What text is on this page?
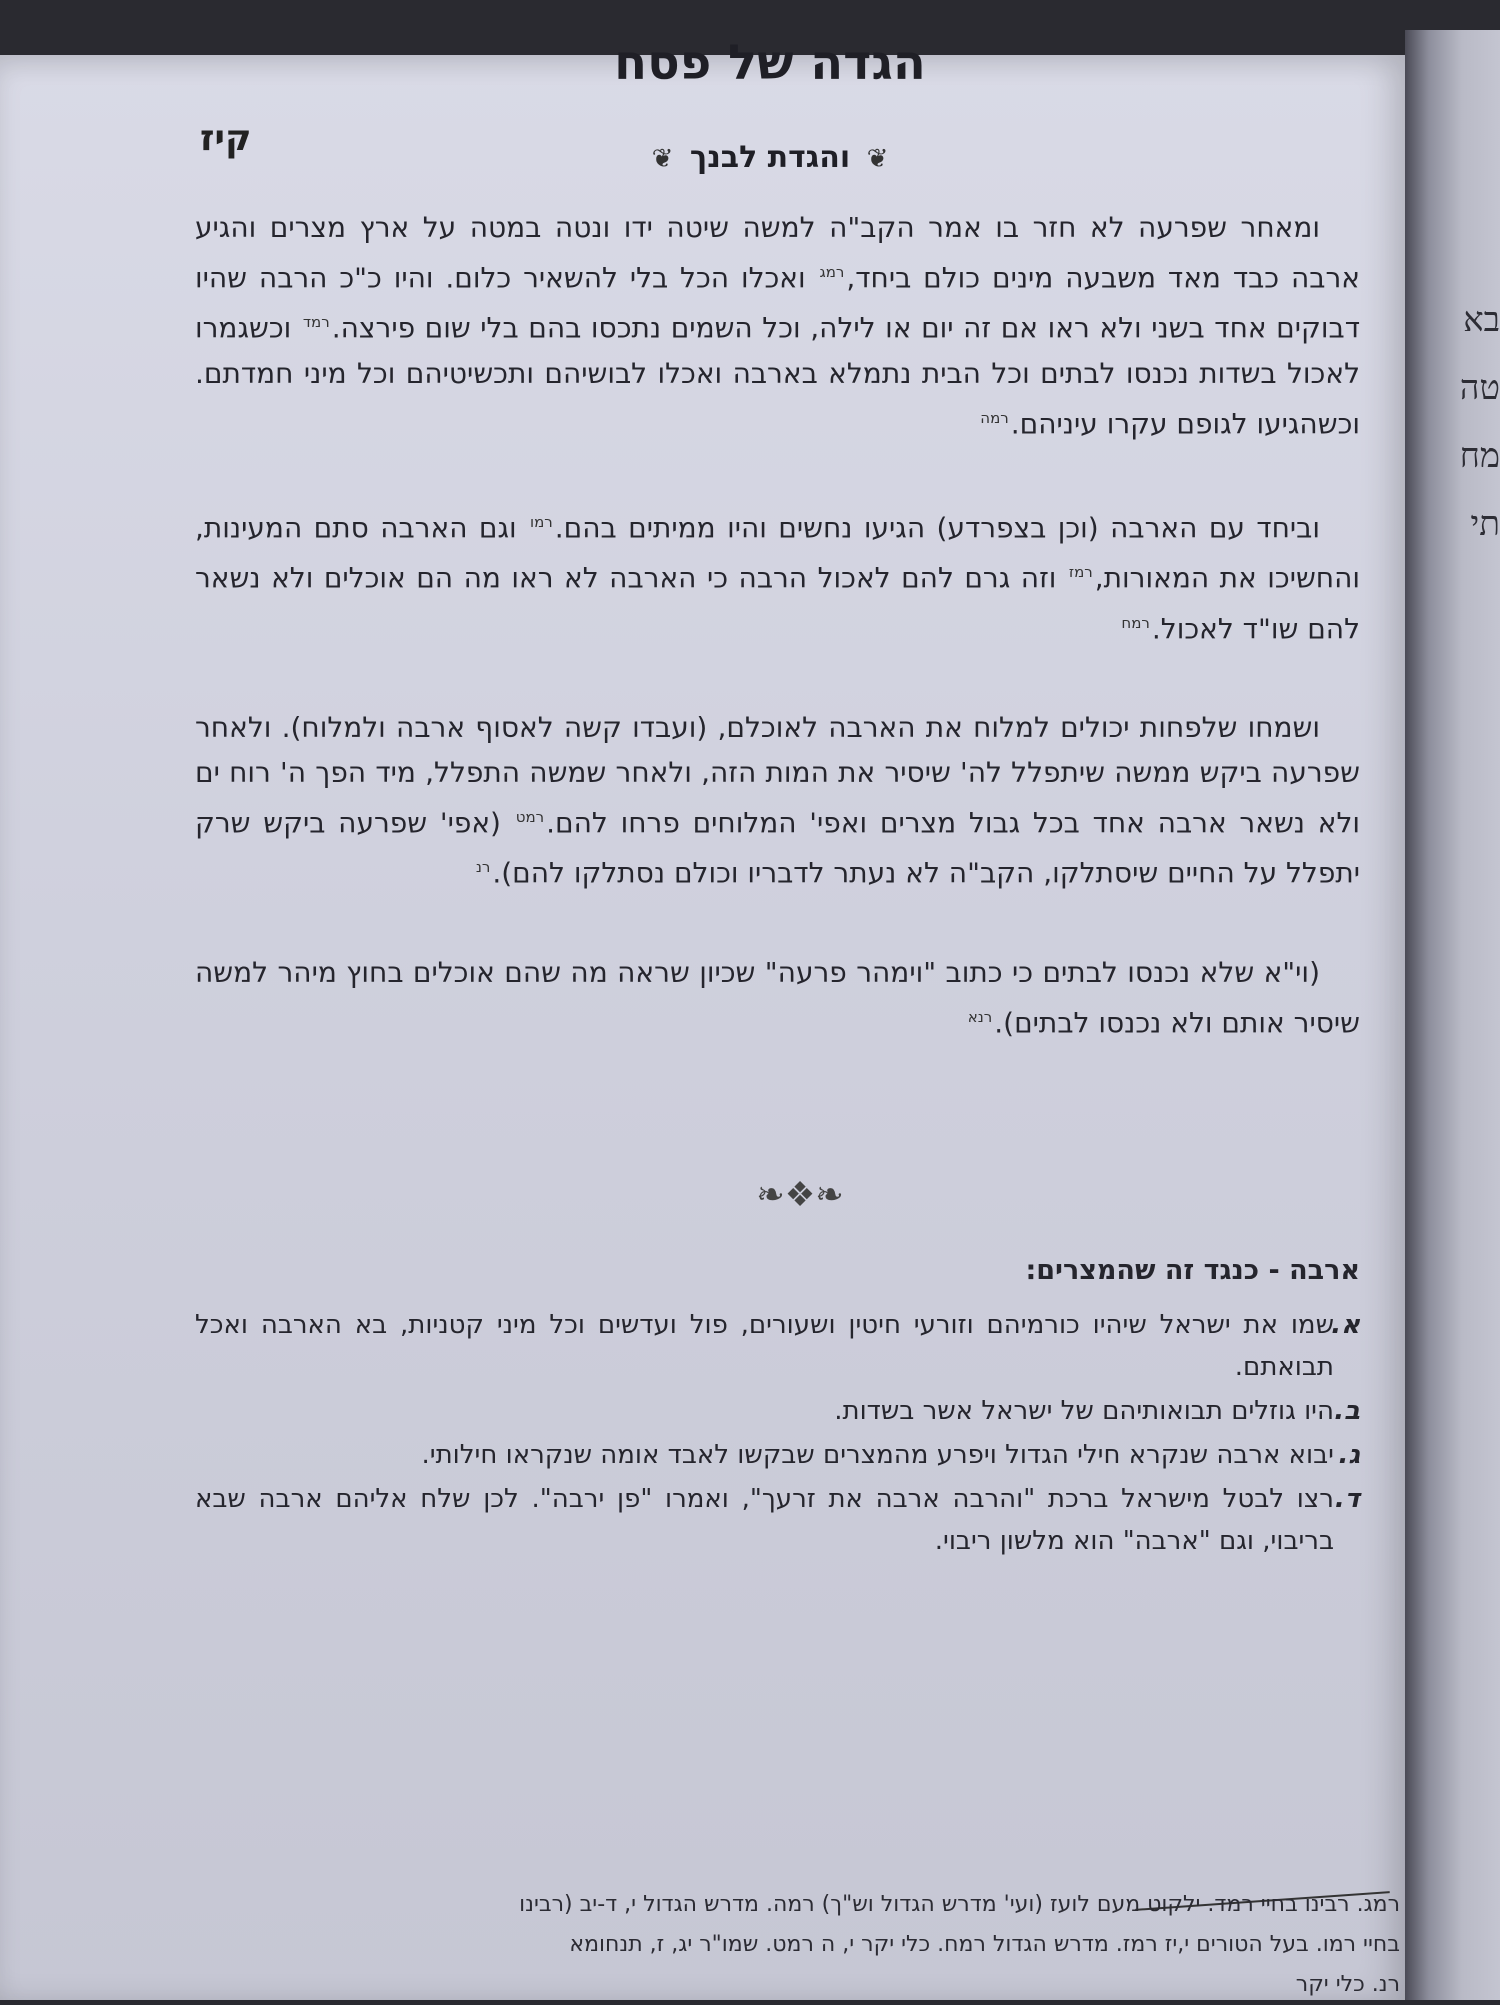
בא
טה
מח
תי
הגדה של פסח
קיז	❦ והגדת לבנך ❦

ומאחר שפרעה לא חזר בו אמר הקב"ה למשה שיטה ידו ונטה במטה על ארץ מצרים והגיע ארבה כבד מאד משבעה מינים כולם ביחד,$^{רמג}$ ואכלו הכל בלי להשאיר כלום. והיו כ"כ הרבה שהיו דבוקים אחד בשני ולא ראו אם זה יום או לילה, וכל השמים נתכסו בהם בלי שום פירצה.$^{רמד}$ וכשגמרו לאכול בשדות נכנסו לבתים וכל הבית נתמלא בארבה ואכלו לבושיהם ותכשיטיהם וכל מיני חמדתם. וכשהגיעו לגופם עקרו עיניהם.$^{רמה}$

וביחד עם הארבה (וכן בצפרדע) הגיעו נחשים והיו ממיתים בהם.$^{רמו}$ וגם הארבה סתם המעינות, והחשיכו את המאורות,$^{רמז}$ וזה גרם להם לאכול הרבה כי הארבה לא ראו מה הם אוכלים ולא נשאר להם שו"ד לאכול.$^{רמח}$

ושמחו שלפחות יכולים למלוח את הארבה לאוכלם, (ועבדו קשה לאסוף ארבה ולמלוח). ולאחר שפרעה ביקש ממשה שיתפלל לה' שיסיר את המות הזה, ולאחר שמשה התפלל, מיד הפך ה' רוח ים ולא נשאר ארבה אחד בכל גבול מצרים ואפי' המלוחים פרחו להם.$^{רמט}$ (אפי' שפרעה ביקש שרק יתפלל על החיים שיסתלקו, הקב"ה לא נעתר לדבריו וכולם נסתלקו להם).$^{רנ}$

(וי"א שלא נכנסו לבתים כי כתוב "וימהר פרעה" שכיון שראה מה שהם אוכלים בחוץ מיהר למשה שיסיר אותם ולא נכנסו לבתים).$^{רנא}$

❧❖❧
ארבה - כנגד זה שהמצרים:
א.
שמו את ישראל שיהיו כורמיהם וזורעי חיטין ושעורים, פול ועדשים וכל מיני קטניות, בא הארבה ואכל תבואתם.
ב.
היו גוזלים תבואותיהם של ישראל אשר בשדות.
ג.
יבוא ארבה שנקרא חילי הגדול ויפרע מהמצרים שבקשו לאבד אומה שנקראו חילותי.
ד.
רצו לבטל מישראל ברכת "והרבה ארבה את זרעך", ואמרו "פן ירבה". לכן שלח אליהם ארבה שבא בריבוי, וגם "ארבה" הוא מלשון ריבוי.
רמג. רבינו בחיי רמד. ילקוט מעם לועז (ועי' מדרש הגדול וש"ך) רמה. מדרש הגדול י, ד-יב (רבינו
בחיי רמו. בעל הטורים י,יז רמז. מדרש הגדול רמח. כלי יקר י, ה רמט. שמו"ר יג, ז, תנחומא
רנ. כלי יקר
